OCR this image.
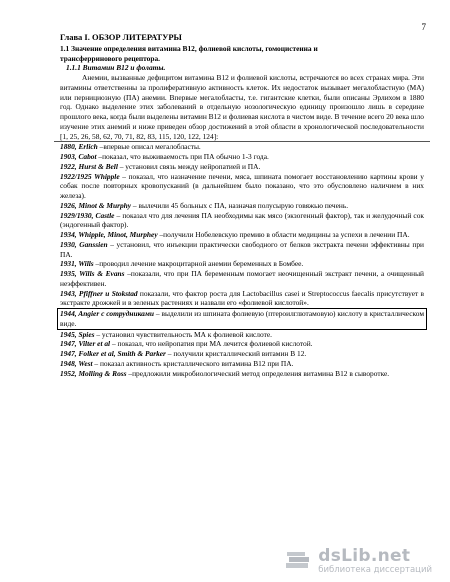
7

Глава I. ОБЗОР ЛИТЕРАТУРЫ

1.1 Значение определения витамина В12, фолиевой кислоты, гомоцистеина и

трансферринового рецептора.

1.1.1 Витамин В12 и фолаты.

Анемии, вызванные дефицитом витамина В12 и фолиевой кислоты, встречаются во всех странах мира. Эти витамины ответственны за пролиферативную активность клеток. Их недостаток вызывает мегалобластную (МА) или пернициозную (ПА) анемии. Впервые мегалобласты, т.е. гигантские клетки, были описаны Эрлихом в 1880 год. Однако выделение этих заболеваний в отдельную нозологическую единицу произошло лишь в середине прошлого века, когда были выделены витамин В12 и фолиевая кислота в чистом виде. В течение всего 20 века шло изучение этих анемий и ниже приведен обзор достижений в этой области в хронологической последовательности [1, 25, 26, 58, 62, 70, 71, 82, 83, 115, 120, 122, 124]:

1880, Erlich –впервые описал мегалобласты.

1903, Cabot –показал, что выживаемость при ПА обычно 1-3 года.

1922, Hurst & Bell – установил связь между нейропатией и ПА.

1922/1925 Whipple – показал, что назначение печени, мяса, шпината помогает восстановлению картины крови у собак после повторных кровопусканий (в дальнейшем было показано, что это обусловлено наличием в них железа).

1926, Minot & Murphy – вылечили 45 больных с ПА, назначая полусырую говяжью печень.

1929/1930, Castle – показал что для лечения ПА необходимы как мясо (экзогенный фактор), так и желудочный сок (эндогенный фактор).

1934, Whipple, Minot, Murphey –получили Нобелевскую премию в области медицины за успехи в лечении ПА.

1930, Ganssien – установил, что инъекции практически свободного от белков экстракта печени эффективны при ПА.

1931, Wills –проводил лечение макроцитарной анемии беременных в Бомбее.

1935, Wills & Evans –показали, что при ПА беременным помогает неочищенный экстракт печени, а очищенный неэффективен.

1943, Pfiffner и Stokstad показали, что фактор роста для Lactobacillus casei и Streptococcus faecalis присутствует в экстракте дрожжей и в зеленых растениях и назвали его «фолиевой кислотой».

1944, Angier с сотрудниками – выделили из шпината фолиевую (птероилглютамовую) кислоту в кристаллическом виде.

1945, Spies – установил чувствительность МА к фолиевой кислоте.

1947, Vilter et al – показал, что нейропатия при МА лечится фолиевой кислотой.

1947, Folker et al, Smith & Parker – получили кристаллический витамин В 12.

1948, West – показал активность кристаллического витамина В12 при ПА.

1952, Molling & Ross –предложили микробиологический метод определения витамина В12 в сыворотке.

dsLib.net
библиотека диссертаций
